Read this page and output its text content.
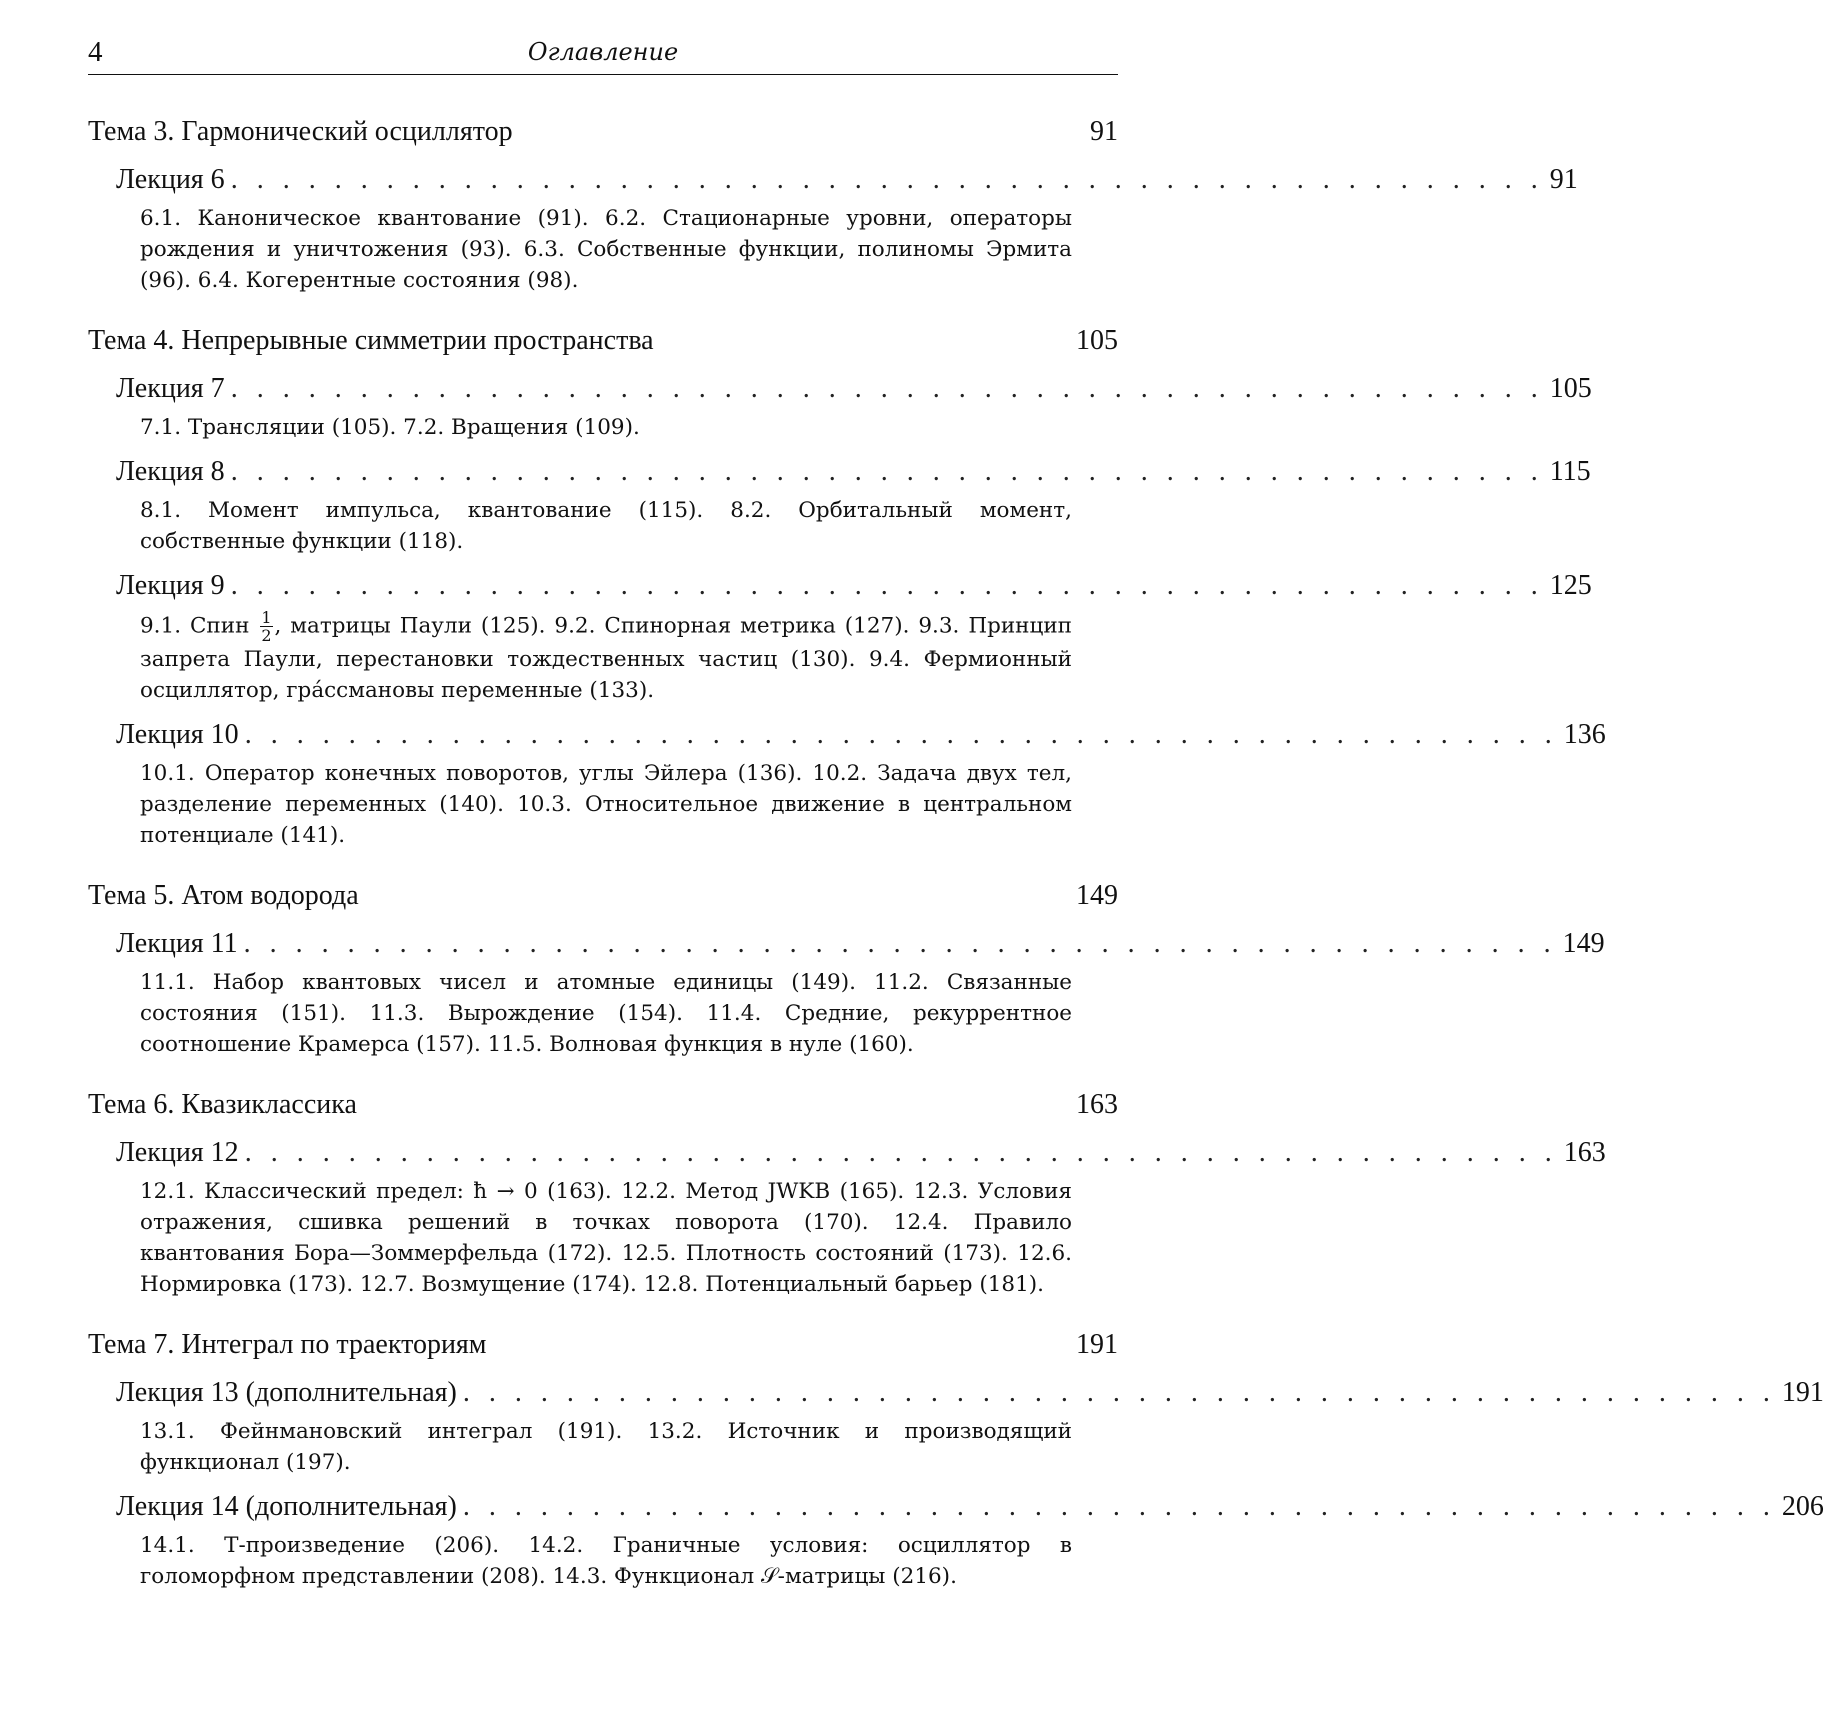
4	Оглавление
Тема 3. Гармонический осциллятор	91
Лекция 6 . . . . . . . . . . . . . . . . . . . . . . . . . . . . . . . . . . . . . . . . . . . . . . . . . . . 91
6.1. Каноническое квантование (91). 6.2. Стационарные уровни, операторы рождения и уничтожения (93). 6.3. Собственные функции, полиномы Эрмита (96). 6.4. Когерентные состояния (98).
Тема 4. Непрерывные симметрии пространства	105
Лекция 7 . . . . . . . . . . . . . . . . . . . . . . . . . . . . . . . . . . . . . . . . . . . . . . . . . . . 105
7.1. Трансляции (105). 7.2. Вращения (109).
Лекция 8 . . . . . . . . . . . . . . . . . . . . . . . . . . . . . . . . . . . . . . . . . . . . . . . . . . . 115
8.1. Момент импульса, квантование (115). 8.2. Орбитальный момент, собственные функции (118).
Лекция 9 . . . . . . . . . . . . . . . . . . . . . . . . . . . . . . . . . . . . . . . . . . . . . . . . . . . 125
9.1. Спин $\frac{1}{2}$ , матрицы Паули (125). 9.2. Спинорная метрика (127). 9.3. Принцип запрета Паули, перестановки тождественных частиц (130). 9.4. Фермионный осциллятор, грáссмановы переменные (133).
Лекция 10 . . . . . . . . . . . . . . . . . . . . . . . . . . . . . . . . . . . . . . . . . . . . . . . . . . . 136
10.1. Оператор конечных поворотов, углы Эйлера (136). 10.2. Задача двух тел, разделение переменных (140). 10.3. Относительное движение в центральном потенциале (141).
Тема 5. Атом водорода	149
Лекция 11 . . . . . . . . . . . . . . . . . . . . . . . . . . . . . . . . . . . . . . . . . . . . . . . . . . . 149
11.1. Набор квантовых чисел и атомные единицы (149). 11.2. Связанные состояния (151). 11.3. Вырождение (154). 11.4. Средние, рекуррентное соотношение Крамерса (157). 11.5. Волновая функция в нуле (160).
Тема 6. Квазиклассика	163
Лекция 12 . . . . . . . . . . . . . . . . . . . . . . . . . . . . . . . . . . . . . . . . . . . . . . . . . . . 163
12.1. Классический предел: ħ → 0 (163). 12.2. Метод JWKB (165). 12.3. Условия отражения, сшивка решений в точках поворота (170). 12.4. Правило квантования Бора—Зоммерфельда (172). 12.5. Плотность состояний (173). 12.6. Нормировка (173). 12.7. Возмущение (174). 12.8. Потенциальный барьер (181).
Тема 7. Интеграл по траекториям	191
Лекция 13 (дополнительная) . . . . . . . . . . . . . . . . . . . . . . . . . . . . . . . . . . . . . . . . . . . . . . . . . . . 191
13.1. Фейнмановский интеграл (191). 13.2. Источник и производящий функционал (197).
Лекция 14 (дополнительная) . . . . . . . . . . . . . . . . . . . . . . . . . . . . . . . . . . . . . . . . . . . . . . . . . . . 206
14.1. Т-произведение (206). 14.2. Граничные условия: осциллятор в голоморфном представлении (208). 14.3. Функционал 𝒮-матрицы (216).
